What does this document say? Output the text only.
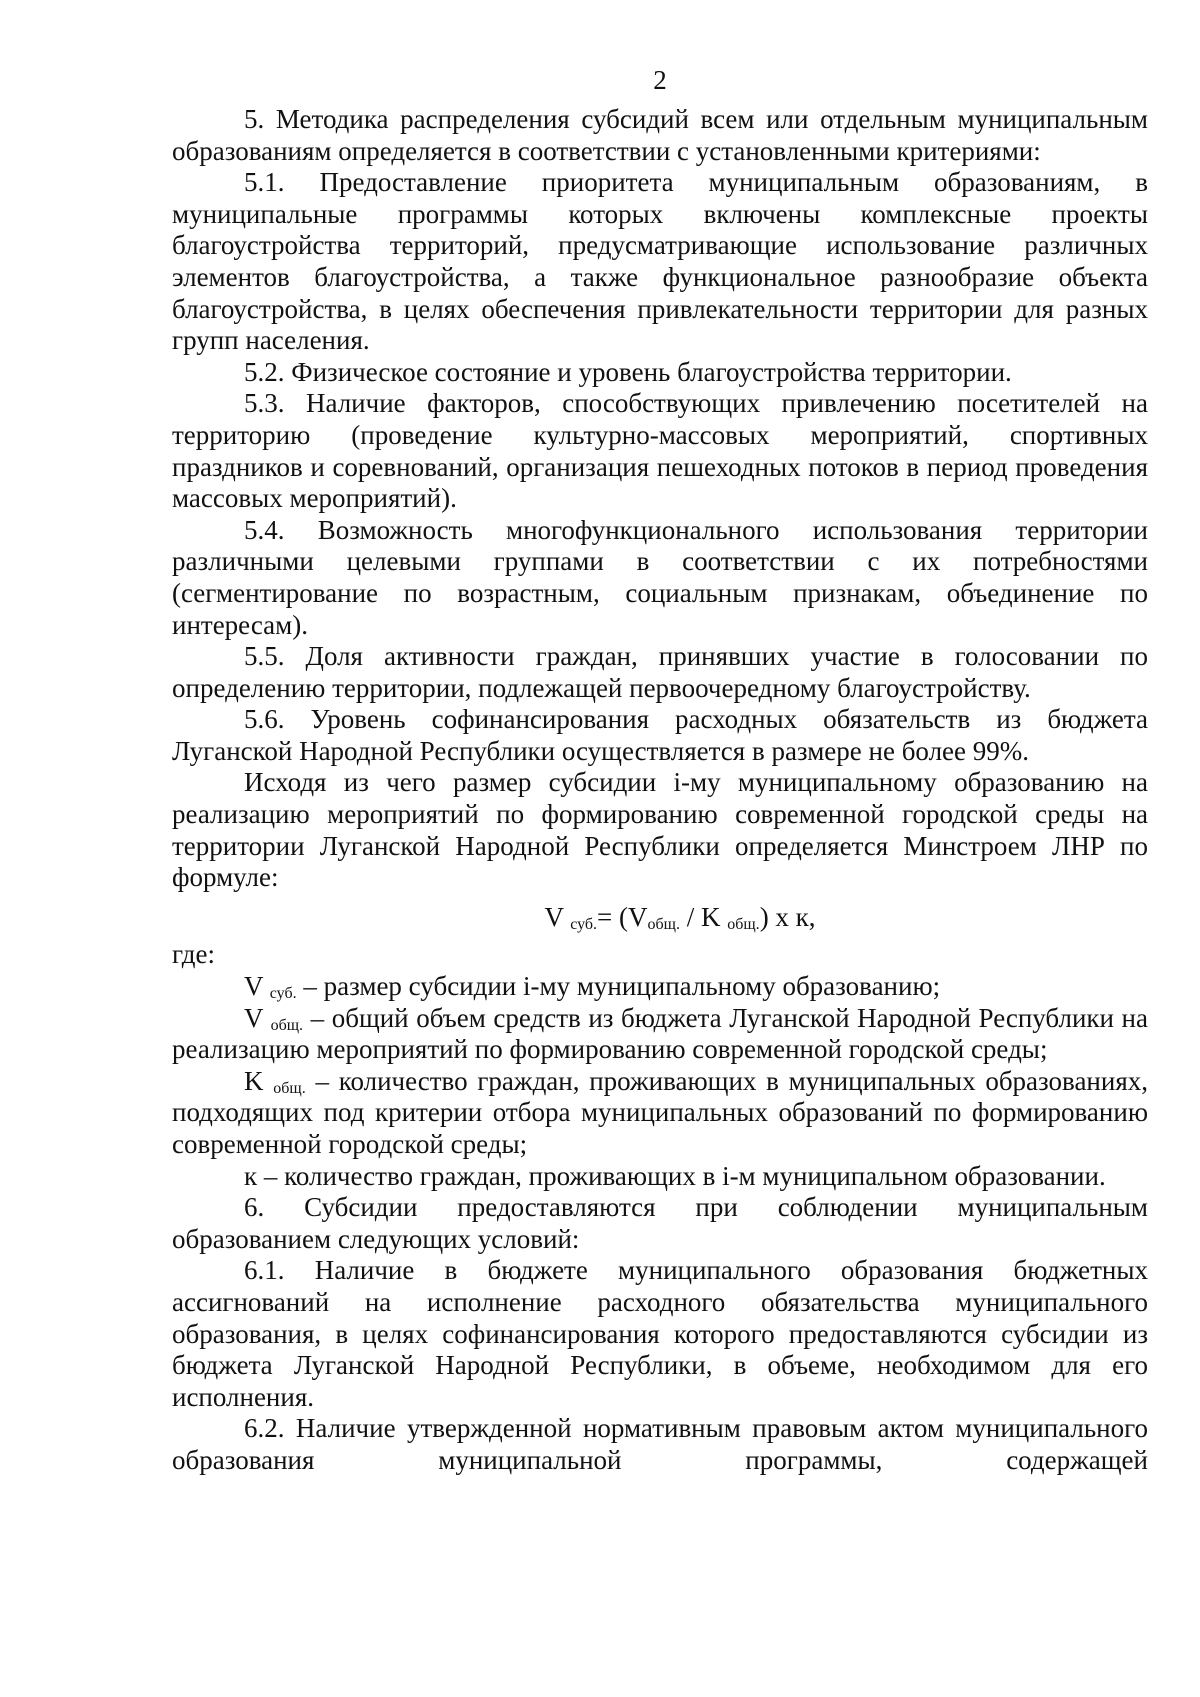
2

5. Методика распределения субсидий всем или отдельным муниципальным образованиям определяется в соответствии с установленными критериями:

5.1. Предоставление приоритета муниципальным образованиям, в муниципальные программы которых включены комплексные проекты благоустройства территорий, предусматривающие использование различных элементов благоустройства, а также функциональное разнообразие объекта благоустройства, в целях обеспечения привлекательности территории для разных групп населения.

5.2. Физическое состояние и уровень благоустройства территории.

5.3. Наличие факторов, способствующих привлечению посетителей на территорию (проведение культурно-массовых мероприятий, спортивных праздников и соревнований, организация пешеходных потоков в период проведения массовых мероприятий).

5.4. Возможность многофункционального использования территории различными целевыми группами в соответствии с их потребностями (сегментирование по возрастным, социальным признакам, объединение по интересам).

5.5. Доля активности граждан, принявших участие в голосовании по определению территории, подлежащей первоочередному благоустройству.

5.6. Уровень софинансирования расходных обязательств из бюджета Луганской Народной Республики осуществляется в размере не более 99%.

Исходя из чего размер субсидии i-му муниципальному образованию на реализацию мероприятий по формированию современной городской среды на территории Луганской Народной Республики определяется Минстроем ЛНР по формуле:

V $_{суб.}= (V_{общ.} / K$ $_{общ.}$) x к,

где:

V $_{суб.}$ – размер субсидии i-му муниципальному образованию;

V $_{общ.}$ – общий объем средств из бюджета Луганской Народной Республики на реализацию мероприятий по формированию современной городской среды;

K $_{общ.}$ – количество граждан, проживающих в муниципальных образованиях, подходящих под критерии отбора муниципальных образований по формированию современной городской среды;

к – количество граждан, проживающих в i-м муниципальном образовании.

6. Субсидии предоставляются при соблюдении муниципальным образованием следующих условий:

6.1. Наличие в бюджете муниципального образования бюджетных ассигнований на исполнение расходного обязательства муниципального образования, в целях софинансирования которого предоставляются субсидии из бюджета Луганской Народной Республики, в объеме, необходимом для его исполнения.

6.2. Наличие утвержденной нормативным правовым актом муниципального образования муниципальной программы, содержащей
